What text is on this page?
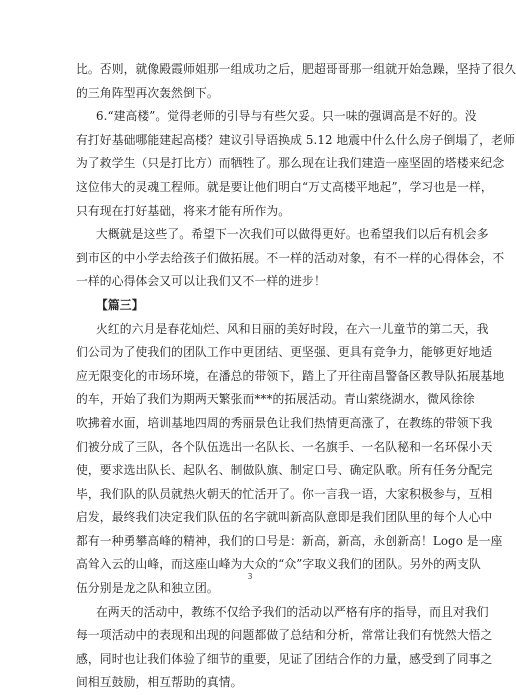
比。否则，就像殿霞师姐那一组成功之后，肥超哥哥那一组就开始急躁，坚持了很久
的三角阵型再次轰然倒下。
6.“建高楼”。觉得老师的引导与有些欠妥。只一味的强调高是不好的。没
有打好基础哪能建起高楼？建议引导语换成 5.12 地震中什么什么房子倒塌了，老师
为了救学生（只是打比方）而牺牲了。那么现在让我们建造一座坚固的塔楼来纪念
这位伟大的灵魂工程师。就是要让他们明白“万丈高楼平地起”，学习也是一样，
只有现在打好基础，将来才能有所作为。
大概就是这些了。希望下一次我们可以做得更好。也希望我们以后有机会多
到市区的中小学去给孩子们做拓展。不一样的活动对象，有不一样的心得体会，不
一样的心得体会又可以让我们又不一样的进步！
【篇三】
火红的六月是春花灿烂、风和日丽的美好时段，在六一儿童节的第二天，我
们公司为了使我们的团队工作中更团结、更坚强、更具有竞争力，能够更好地适
应无限变化的市场环境，在潘总的带领下，踏上了开往南昌警备区教导队拓展基地
的车，开始了我们为期两天繁张而***的拓展活动。青山萦绕湖水，微风徐徐
吹拂着水面，培训基地四周的秀丽景色让我们热情更高涨了，在教练的带领下我
们被分成了三队，各个队伍选出一名队长、一名旗手、一名队秘和一名环保小天
使，要求选出队长、起队名、制做队旗、制定口号、确定队歌。所有任务分配完
毕，我们队的队员就热火朝天的忙活开了。你一言我一语，大家积极参与，互相
启发，最终我们决定我们队伍的名字就叫新高队意即是我们团队里的每个人心中
都有一种勇攀高峰的精神，我们的口号是：新高，新高，永创新高！Logo 是一座
高耸入云的山峰，而这座山峰为大众的“众”字取义我们的团队。另外的两支队
伍分别是龙之队和独立团。
在两天的活动中，教练不仅给予我们的活动以严格有序的指导，而且对我们
每一项活动中的表现和出现的问题都做了总结和分析，常常让我们有恍然大悟之
感，同时也让我们体验了细节的重要，见证了团结合作的力量，感受到了同事之
间相互鼓励，相互帮助的真情。
3
